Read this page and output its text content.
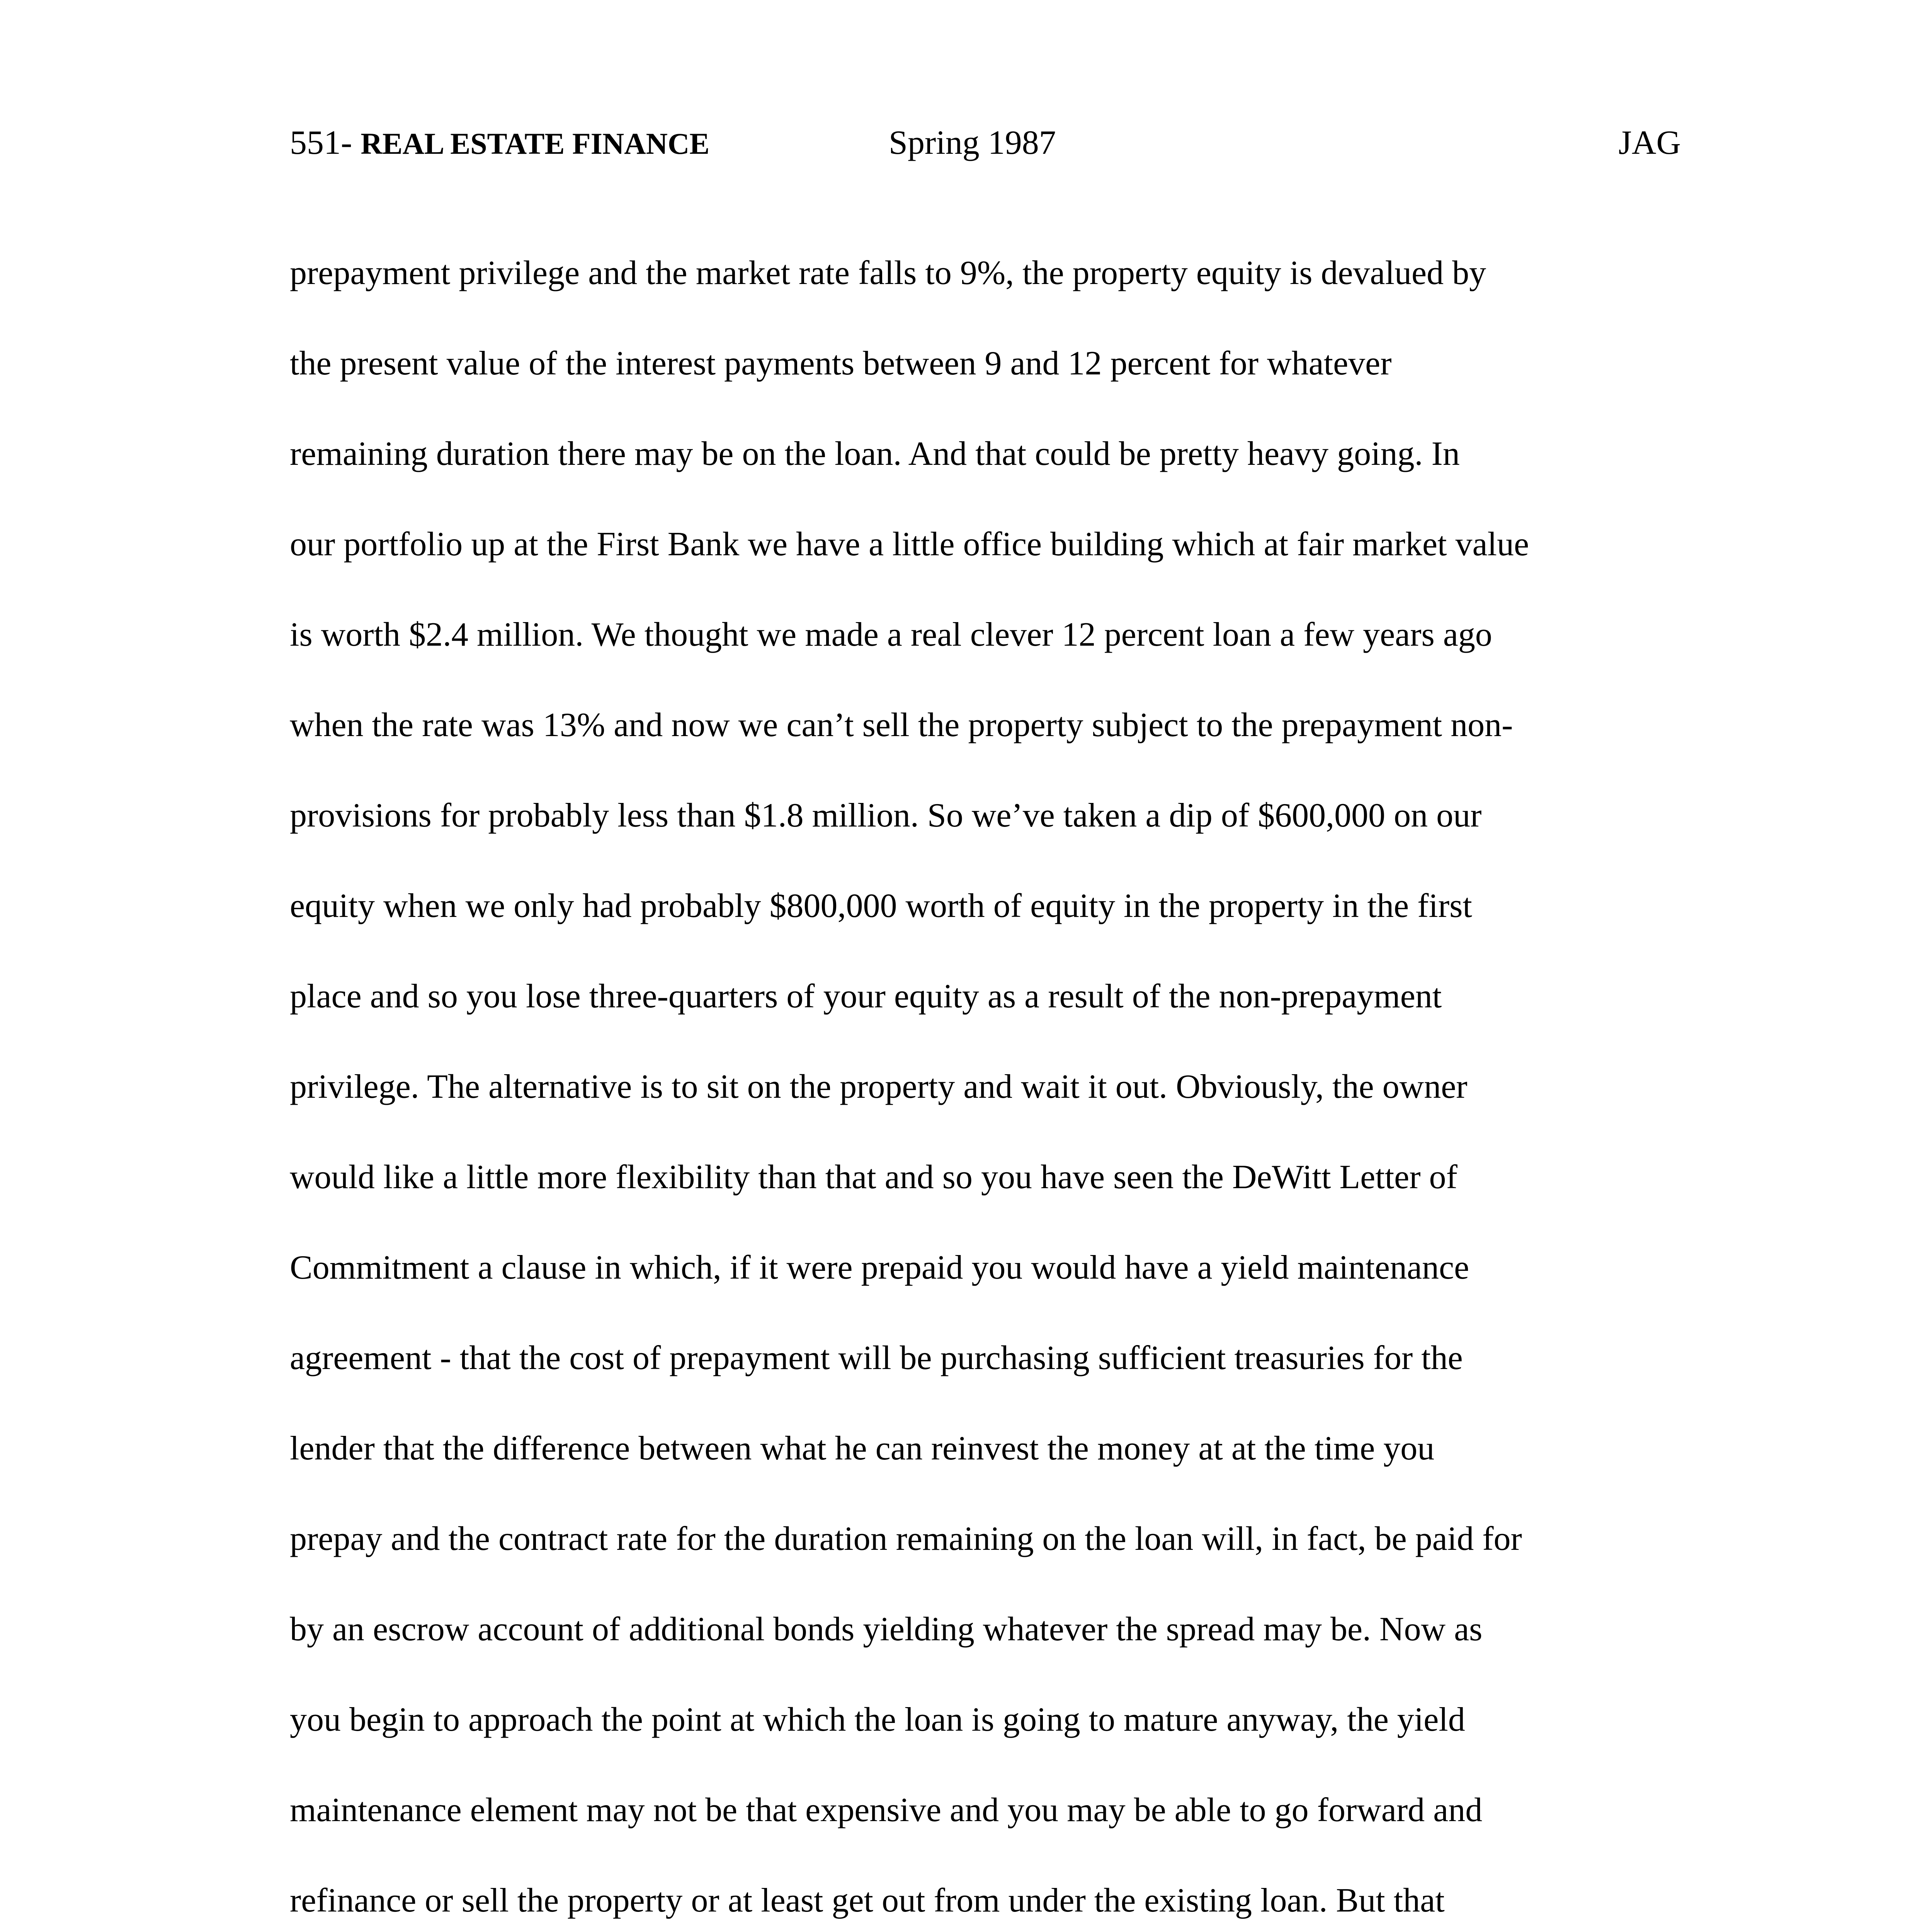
551- REAL ESTATE FINANCE	Spring 1987	JAG
prepayment privilege and the market rate falls to 9%, the property equity is devalued by
the present value of the interest payments between 9 and 12 percent for whatever
remaining duration there may be on the loan. And that could be pretty heavy going. In
our portfolio up at the First Bank we have a little office building which at fair market value
is worth $2.4 million. We thought we made a real clever 12 percent loan a few years ago
when the rate was 13% and now we can’t sell the property subject to the prepayment non-
provisions for probably less than $1.8 million. So we’ve taken a dip of $600,000 on our
equity when we only had probably $800,000 worth of equity in the property in the first
place and so you lose three-quarters of your equity as a result of the non-prepayment
privilege. The alternative is to sit on the property and wait it out. Obviously, the owner
would like a little more flexibility than that and so you have seen the DeWitt Letter of
Commitment a clause in which, if it were prepaid you would have a yield maintenance
agreement - that the cost of prepayment will be purchasing sufficient treasuries for the
lender that the difference between what he can reinvest the money at at the time you
prepay and the contract rate for the duration remaining on the loan will, in fact, be paid for
by an escrow account of additional bonds yielding whatever the spread may be. Now as
you begin to approach the point at which the loan is going to mature anyway, the yield
maintenance element may not be that expensive and you may be able to go forward and
refinance or sell the property or at least get out from under the existing loan. But that
